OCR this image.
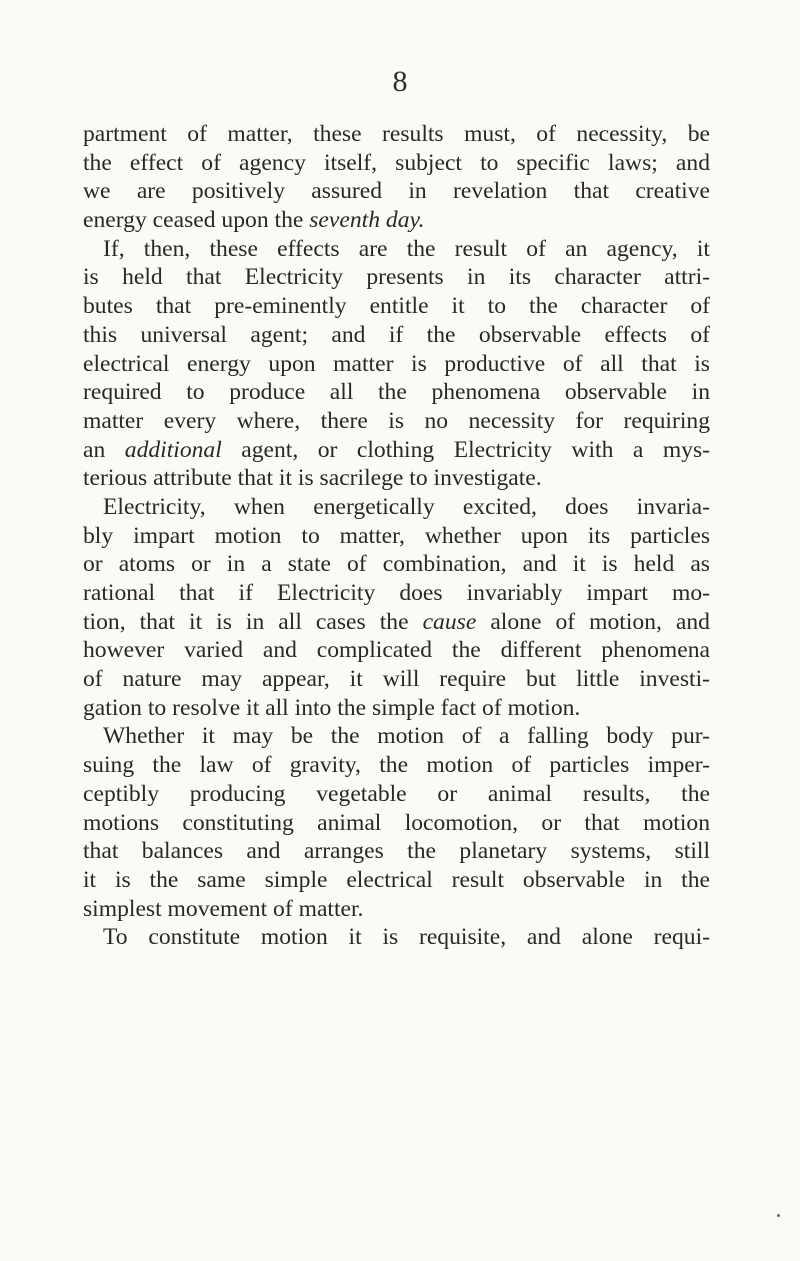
8
partment of matter, these results must, of necessity, be
the effect of agency itself, subject to specific laws; and
we are positively assured in revelation that creative
energy ceased upon the seventh day.
If, then, these effects are the result of an agency, it
is held that Electricity presents in its character attri-
butes that pre-eminently entitle it to the character of
this universal agent; and if the observable effects of
electrical energy upon matter is productive of all that is
required to produce all the phenomena observable in
matter every where, there is no necessity for requiring
an additional agent, or clothing Electricity with a mys-
terious attribute that it is sacrilege to investigate.
Electricity, when energetically excited, does invaria-
bly impart motion to matter, whether upon its particles
or atoms or in a state of combination, and it is held as
rational that if Electricity does invariably impart mo-
tion, that it is in all cases the cause alone of motion, and
however varied and complicated the different phenomena
of nature may appear, it will require but little investi-
gation to resolve it all into the simple fact of motion.
Whether it may be the motion of a falling body pur-
suing the law of gravity, the motion of particles imper-
ceptibly producing vegetable or animal results, the
motions constituting animal locomotion, or that motion
that balances and arranges the planetary systems, still
it is the same simple electrical result observable in the
simplest movement of matter.
To constitute motion it is requisite, and alone requi-
